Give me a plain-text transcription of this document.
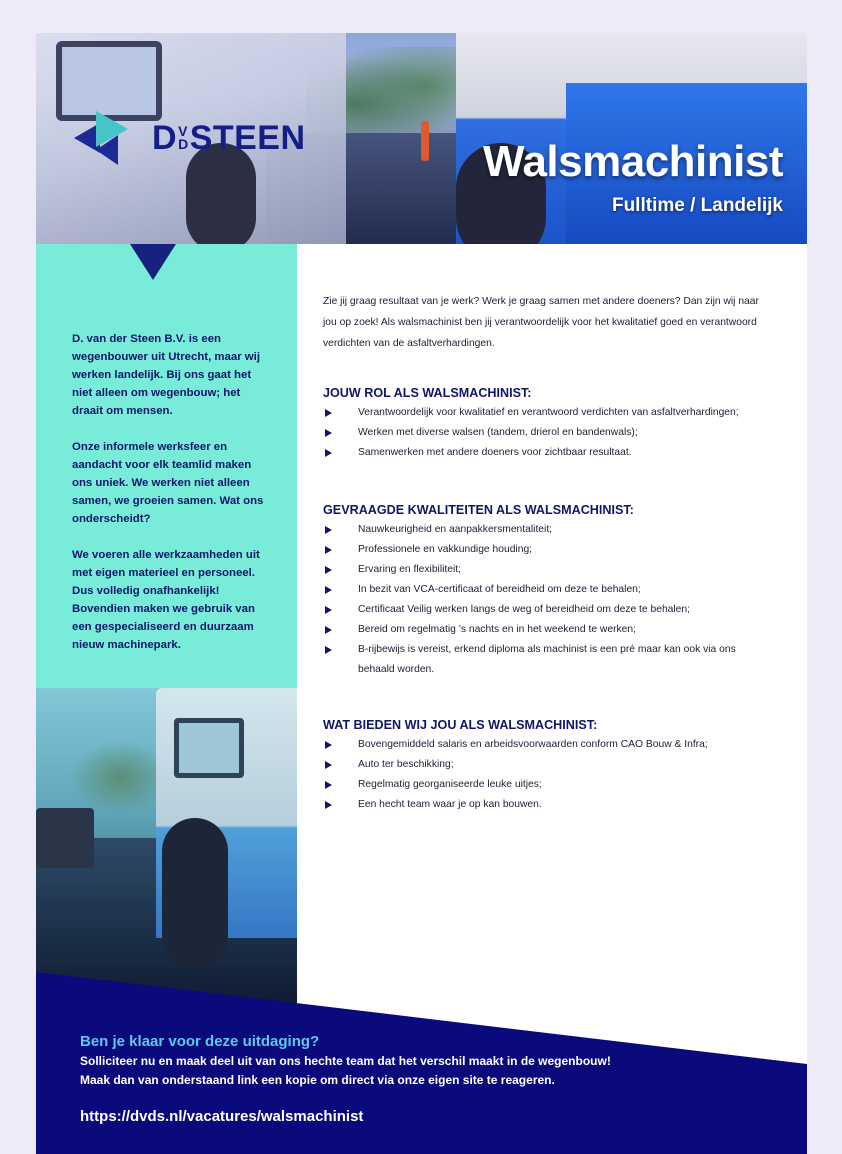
D V
D STEEN	Walsmachinist
Fulltime / Landelijk

D. van der Steen B.V. is een wegenbouwer uit Utrecht, maar wij werken landelijk. Bij ons gaat het niet alleen om wegenbouw; het draait om mensen.

Onze informele werksfeer en aandacht voor elk teamlid maken ons uniek. We werken niet alleen samen, we groeien samen. Wat ons onderscheidt?

We voeren alle werkzaamheden uit met eigen materieel en personeel. Dus volledig onafhankelijk! Bovendien maken we gebruik van een gespecialiseerd en duurzaam nieuw machinepark.

Zie jij graag resultaat van je werk? Werk je graag samen met andere doeners? Dan zijn wij naar jou op zoek! Als walsmachinist ben jij verantwoordelijk voor het kwalitatief goed en verantwoord verdichten van de asfaltverhardingen.

JOUW ROL ALS WALSMACHINIST:
Verantwoordelijk voor kwalitatief en verantwoord verdichten van asfaltverhardingen;
Werken met diverse walsen (tandem, drierol en bandenwals);
Samenwerken met andere doeners voor zichtbaar resultaat.
GEVRAAGDE KWALITEITEN ALS WALSMACHINIST:
Nauwkeurigheid en aanpakkersmentaliteit;
Professionele en vakkundige houding;
Ervaring en flexibiliteit;
In bezit van VCA-certificaat of bereidheid om deze te behalen;
Certificaat Veilig werken langs de weg of bereidheid om deze te behalen;
Bereid om regelmatig ’s nachts en in het weekend te werken;
B-rijbewijs is vereist, erkend diploma als machinist is een pré maar kan ook via ons behaald worden.
WAT BIEDEN WIJ JOU ALS WALSMACHINIST:
Bovengemiddeld salaris en arbeidsvoorwaarden conform CAO Bouw & Infra;
Auto ter beschikking;
Regelmatig georganiseerde leuke uitjes;
Een hecht team waar je op kan bouwen.
Ben je klaar voor deze uitdaging?
Solliciteer nu en maak deel uit van ons hechte team dat het verschil maakt in de wegenbouw!
Maak dan van onderstaand link een kopie om direct via onze eigen site te reageren.
https://dvds.nl/vacatures/walsmachinist
